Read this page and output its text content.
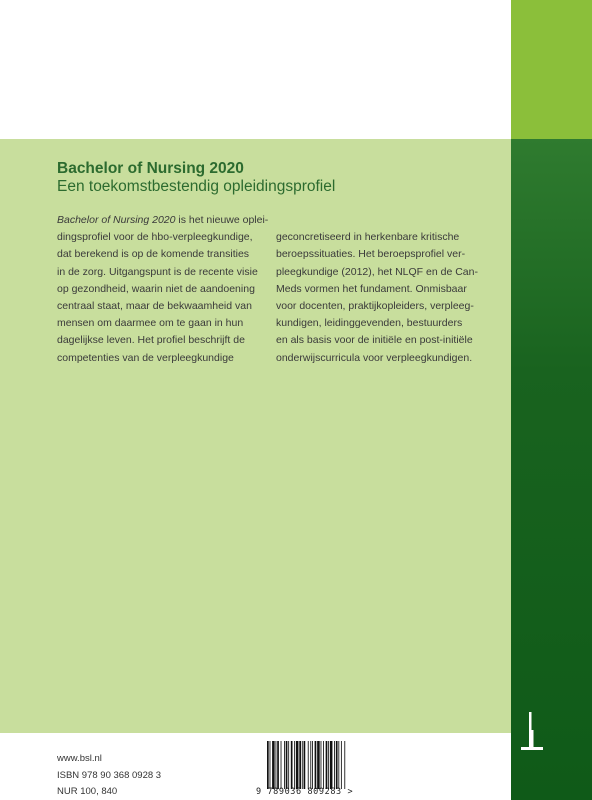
Bachelor of Nursing 2020
Een toekomstbestendig opleidingsprofiel
Bachelor of Nursing 2020 is het nieuwe oplei-
dingsprofiel voor de hbo-verpleegkundige,
dat berekend is op de komende transities
in de zorg. Uitgangspunt is de recente visie
op gezondheid, waarin niet de aandoening
centraal staat, maar de bekwaamheid van
mensen om daarmee om te gaan in hun
dagelijkse leven. Het profiel beschrijft de
competenties van de verpleegkundige
geconcretiseerd in herkenbare kritische
beroepssituaties. Het beroepsprofiel ver-
pleegkundige (2012), het NLQF en de Can-
Meds vormen het fundament. Onmisbaar
voor docenten, praktijkopleiders, verpleeg-
kundigen, leidinggevenden, bestuurders
en als basis voor de initiële en post-initiële
onderwijscurricula voor verpleegkundigen.
www.bsl.nl
ISBN 978 90 368 0928 3
NUR 100, 840	9 789036 809283 >
